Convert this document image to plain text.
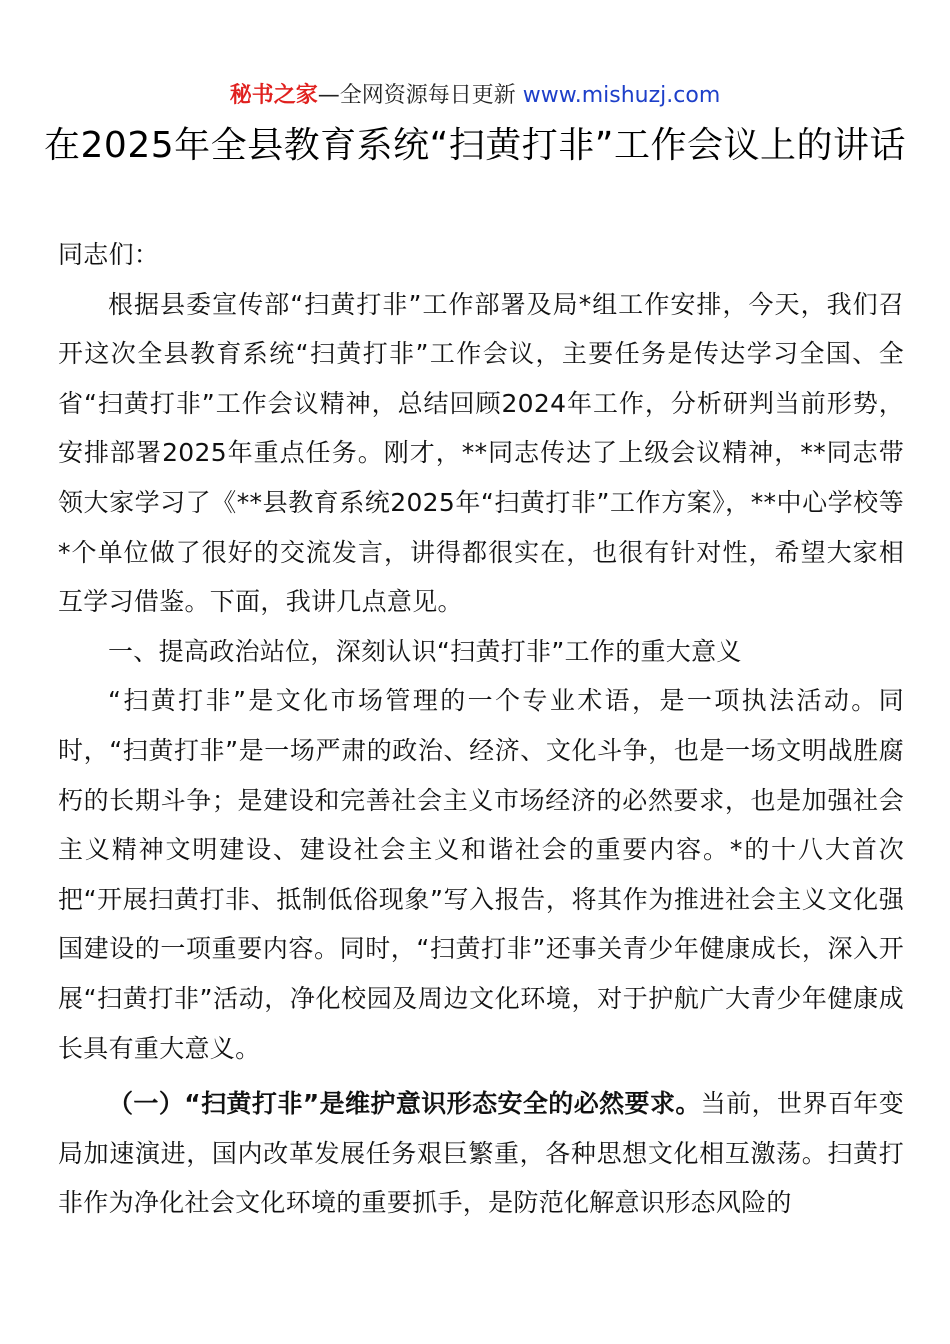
秘书之家—全网资源每日更新 www.mishuzj.com
在2025年全县教育系统“扫黄打非”工作会议上的讲话

同志们：

根据县委宣传部“扫黄打非”工作部署及局*组工作安排，今天，我们召开这次全县教育系统“扫黄打非”工作会议，主要任务是传达学习全国、全省“扫黄打非”工作会议精神，总结回顾2024年工作，分析研判当前形势，安排部署2025年重点任务。刚才，**同志传达了上级会议精神，**同志带领大家学习了《**县教育系统2025年“扫黄打非”工作方案》，**中心学校等*个单位做了很好的交流发言，讲得都很实在，也很有针对性，希望大家相互学习借鉴。下面，我讲几点意见。

一、提高政治站位，深刻认识“扫黄打非”工作的重大意义

“扫黄打非”是文化市场管理的一个专业术语，是一项执法活动。同时，“扫黄打非”是一场严肃的政治、经济、文化斗争，也是一场文明战胜腐朽的长期斗争；是建设和完善社会主义市场经济的必然要求，也是加强社会主义精神文明建设、建设社会主义和谐社会的重要内容。*的十八大首次把“开展扫黄打非、抵制低俗现象”写入报告，将其作为推进社会主义文化强国建设的一项重要内容。同时，“扫黄打非”还事关青少年健康成长，深入开展“扫黄打非”活动，净化校园及周边文化环境，对于护航广大青少年健康成长具有重大意义。

（一）“扫黄打非”是维护意识形态安全的必然要求。当前，世界百年变局加速演进，国内改革发展任务艰巨繁重，各种思想文化相互激荡。扫黄打非作为净化社会文化环境的重要抓手，是防范化解意识形态风险的
